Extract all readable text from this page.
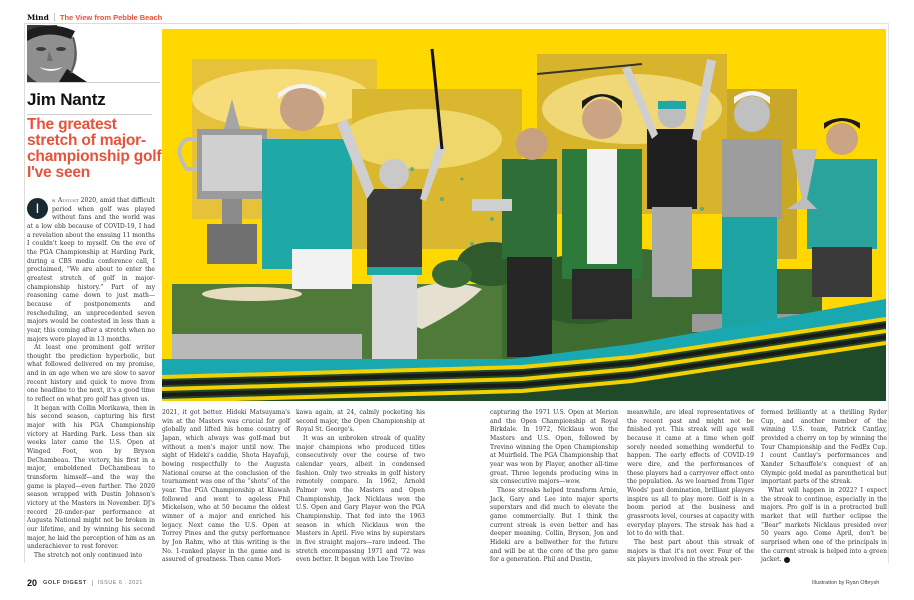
Mind The View from Pebble Beach
Jim Nantz
The greatest stretch of major-championship golf I've seen

I	n August 2020, amid that difficult period when golf was played without fans and the world was at a low ebb because of COVID-19, I had a revelation about the ensuing 11 months I couldn't keep to myself. On the eve of the PGA Championship at Harding Park, during a CBS media conference call, I proclaimed, “We are about to enter the greatest stretch of golf in major-championship history.” Part of my reasoning came down to just math—because of postponements and rescheduling, an unprecedented seven majors would be contested in less than a year, this coming after a stretch when no majors were played in 13 months.

At least one prominent golf writer thought the prediction hyperbolic, but what followed delivered on my promise, and in an age when we are slow to savor recent history and quick to move from one headline to the next, it's a good time to reflect on what pro golf has given us.

It began with Collin Morikawa, then in his second season, capturing his first major with his PGA Championship victory at Harding Park. Less than six weeks later came the U.S. Open at Winged Foot, won by Bryson DeChambeau. The victory, his first in a major, emboldened DeChambeau to transform himself—and the way the game is played—even further. The 2020 season wrapped with Dustin Johnson's victory at the Masters in November. DJ's record 20-under-par performance at Augusta National might not be broken in our lifetime, and by winning his second major, he laid the perception of him as an underachiever to rest forever.

The stretch not only continued into

2021, it got better. Hideki Matsuyama's win at the Masters was crucial for golf globally and lifted his home country of Japan, which always was golf-mad but without a men's major until now. The sight of Hideki's caddie, Shota Hayafuji, bowing respectfully to the Augusta National course at the conclusion of the tournament was one of the “shots” of the year. The PGA Championship at Kiawah followed and went to ageless Phil Mickelson, who at 50 became the oldest winner of a major and enriched his legacy. Next came the U.S. Open at Torrey Pines and the gutsy performance by Jon Rahm, who at this writing is the No. 1-ranked player in the game and is assured of greatness. Then came Mori-

kawa again, at 24, calmly pocketing his second major, the Open Championship at Royal St. George's.

It was an unbroken streak of quality major champions who produced titles consecutively over the course of two calendar years, albeit in condensed fashion. Only two streaks in golf history remotely compare. In 1962, Arnold Palmer won the Masters and Open Championship, Jack Nicklaus won the U.S. Open and Gary Player won the PGA Championship. That fed into the 1963 season in which Nicklaus won the Masters in April. Five wins by superstars in five straight majors—rare indeed. The stretch encompassing 1971 and '72 was even better. It began with Lee Trevino

capturing the 1971 U.S. Open at Merion and the Open Championship at Royal Birkdale. In 1972, Nicklaus won the Masters and U.S. Open, followed by Trevino winning the Open Championship at Muirfield. The PGA Championship that year was won by Player, another all-time great. Three legends producing wins in six consecutive majors—wow.

Those streaks helped transform Arnie, Jack, Gary and Lee into major sports superstars and did much to elevate the game commercially. But I think the current streak is even better and has deeper meaning. Collin, Bryson, Jon and Hideki are a bellwether for the future and will be at the core of the pro game for a generation. Phil and Dustin,

meanwhile, are ideal representatives of the recent past and might not be finished yet. This streak will age well because it came at a time when golf sorely needed something wonderful to happen. The early effects of COVID-19 were dire, and the performances of these players had a carryover effect onto the population. As we learned from Tiger Woods' past domination, brilliant players inspire us all to play more. Golf is in a boom period at the business and grassroots level, courses at capacity with everyday players. The streak has had a lot to do with that.

The best part about this streak of majors is that it's not over. Four of the six players involved in the streak per-

formed brilliantly at a thrilling Ryder Cup, and another member of the winning U.S. team, Patrick Cantlay, provided a cherry on top by winning the Tour Championship and the FedEx Cup. I count Cantlay's performances and Xander Schauffele's conquest of an Olympic gold medal as parenthetical but important parts of the streak.

What will happen in 2022? I expect the streak to continue, especially in the majors. Pro golf is in a protracted bull market that will further eclipse the “Bear” markets Nicklaus presided over 50 years ago. Come April, don't be surprised when one of the principals in the current streak is helped into a green jacket.

20 GOLF DIGEST ISSUE 6 . 2021	Illustration by Ryan Olbrysh
